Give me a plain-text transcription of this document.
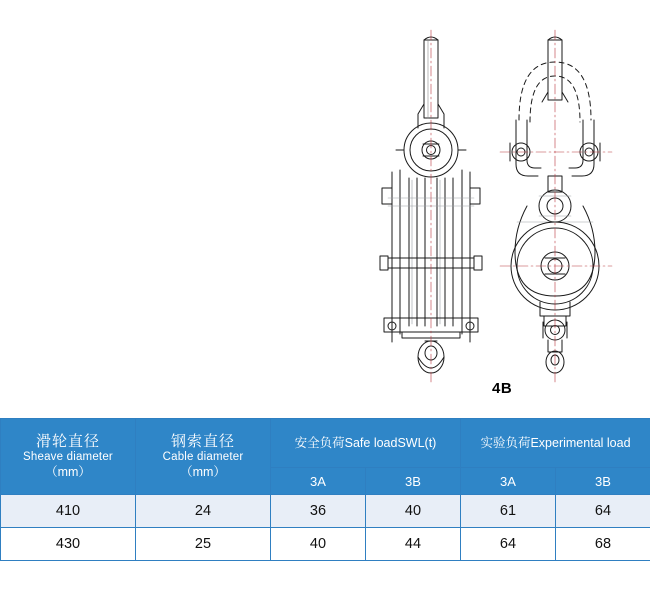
4B
滑轮直径
Sheave diameter
（mm）	钢索直径
Cable diameter
（mm）	安全负荷Safe loadSWL(t)		实验负荷Experimental load	

		3A	3B	3A	3B
410	24	36	40	61	64
430	25	40	44	64	68
